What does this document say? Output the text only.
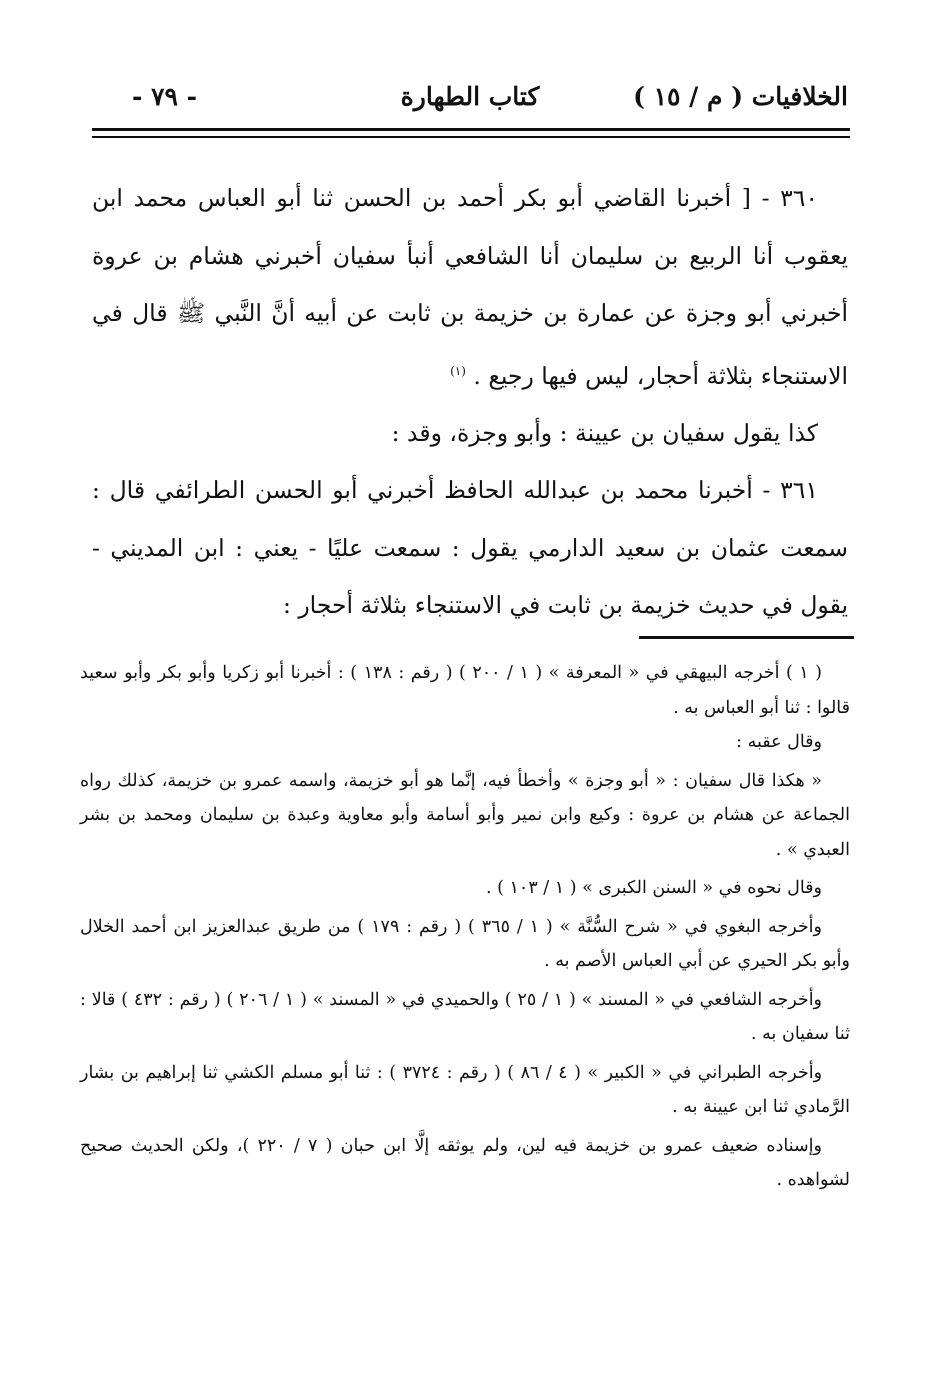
الخلافيات ( م / ١٥ )
كتاب الطهارة
- ٧٩ -

٣٦٠ - [ أخبرنا القاضي أبو بكر أحمد بن الحسن ثنا أبو العباس محمد ابن يعقوب أنا الربيع بن سليمان أنا الشافعي أنبأ سفيان أخبرني هشام بن عروة أخبرني أبو وجزة عن عمارة بن خزيمة بن ثابت عن أبيه أنَّ النَّبي ﷺ قال في الاستنجاء بثلاثة أحجار، ليس فيها رجيع . $^{(١)}$

كذا يقول سفيان بن عيينة : وأبو وجزة، وقد :

٣٦١ - أخبرنا محمد بن عبدالله الحافظ أخبرني أبو الحسن الطرائفي قال : سمعت عثمان بن سعيد الدارمي يقول : سمعت عليًا - يعني : ابن المديني - يقول في حديث خزيمة بن ثابت في الاستنجاء بثلاثة أحجار :

( ١ ) أخرجه البيهقي في « المعرفة » ( ١ / ٢٠٠ ) ( رقم : ١٣٨ ) : أخبرنا أبو زكريا وأبو بكر وأبو سعيد قالوا : ثنا أبو العباس به .

وقال عقبه :

« هكذا قال سفيان : « أبو وجزة » وأخطأ فيه، إنَّما هو أبو خزيمة، واسمه عمرو بن خزيمة، كذلك رواه الجماعة عن هشام بن عروة : وكيع وابن نمير وأبو أسامة وأبو معاوية وعبدة بن سليمان ومحمد بن بشر العبدي » .

وقال نحوه في « السنن الكبرى » ( ١ / ١٠٣ ) .

وأخرجه البغوي في « شرح السُّنَّة » ( ١ / ٣٦٥ ) ( رقم : ١٧٩ ) من طريق عبدالعزيز ابن أحمد الخلال وأبو بكر الحيري عن أبي العباس الأصم به .

وأخرجه الشافعي في « المسند » ( ١ / ٢٥ ) والحميدي في « المسند » ( ١ / ٢٠٦ ) ( رقم : ٤٣٢ ) قالا : ثنا سفيان به .

وأخرجه الطبراني في « الكبير » ( ٤ / ٨٦ ) ( رقم : ٣٧٢٤ ) : ثنا أبو مسلم الكشي ثنا إبراهيم بن بشار الرَّمادي ثنا ابن عيينة به .

وإسناده ضعيف عمرو بن خزيمة فيه لين، ولم يوثقه إلَّا ابن حبان ( ٧ / ٢٢٠ )، ولكن الحديث صحيح لشواهده .
